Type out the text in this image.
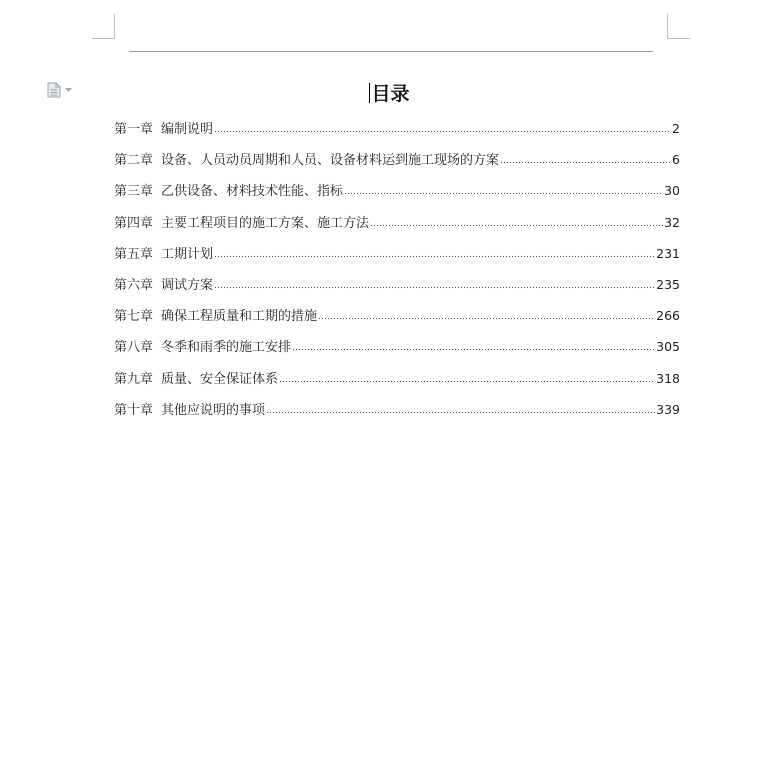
目录
第一章 编制说明	2
第二章 设备、人员动员周期和人员、设备材料运到施工现场的方案	6
第三章 乙供设备、材料技术性能、指标	30
第四章 主要工程项目的施工方案、施工方法	32
第五章 工期计划	231
第六章 调试方案	235
第七章 确保工程质量和工期的措施	266
第八章 冬季和雨季的施工安排	305
第九章 质量、安全保证体系	318
第十章 其他应说明的事项	339
